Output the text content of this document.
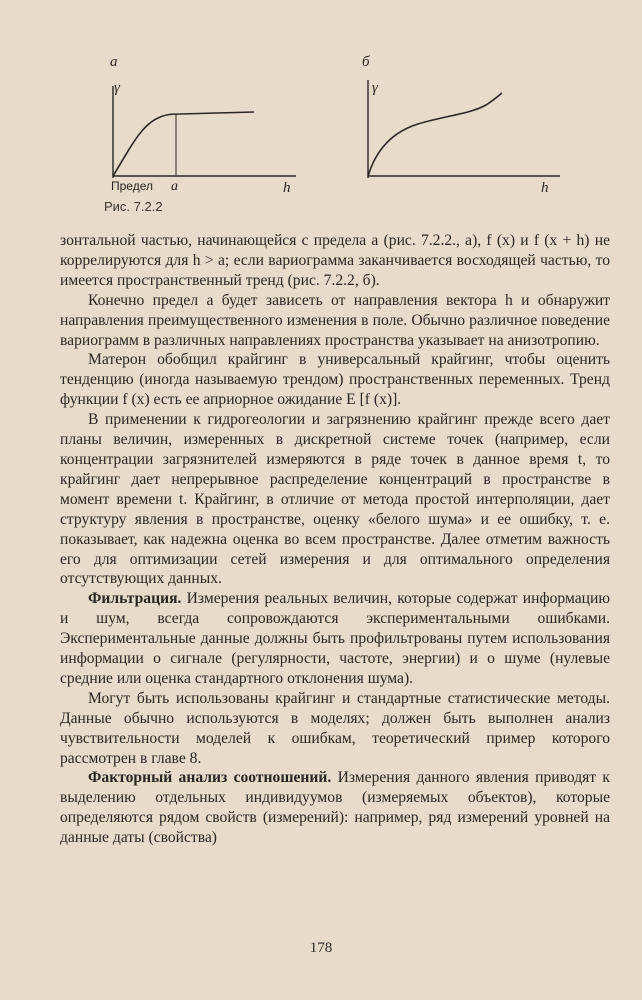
а
γ
Предел а	h
б
γ
h
Рис. 7.2.2

зонтальной частью, начинающейся с предела a (рис. 7.2.2., а), f (x) и f (x + h) не коррелируются для h > a; если вариограмма заканчивается восходящей частью, то имеется пространственный тренд (рис. 7.2.2, б).

Конечно предел a будет зависеть от направления вектора h и обнаружит направления преимущественного изменения в поле. Обычно различное поведение вариограмм в различных направлениях пространства указывает на анизотропию.

Матерон обобщил крайгинг в универсальный крайгинг, чтобы оценить тенденцию (иногда называемую трендом) пространственных переменных. Тренд функции f (x) есть ее априорное ожидание E [f (x)].

В применении к гидрогеологии и загрязнению крайгинг прежде всего дает планы величин, измеренных в дискретной системе точек (например, если концентрации загрязнителей измеряются в ряде точек в данное время t, то крайгинг дает непрерывное распределение концентраций в пространстве в момент времени t. Крайгинг, в отличие от метода простой интерполяции, дает структуру явления в пространстве, оценку «белого шума» и ее ошибку, т. е. показывает, как надежна оценка во всем пространстве. Далее отметим важность его для оптимизации сетей измерения и для оптимального определения отсутствующих данных.

Фильтрация. Измерения реальных величин, которые содержат информацию и шум, всегда сопровождаются экспериментальными ошибками. Экспериментальные данные должны быть профильтрованы путем использования информации о сигнале (регулярности, частоте, энергии) и о шуме (нулевые средние или оценка стандартного отклонения шума).

Могут быть использованы крайгинг и стандартные статистические методы. Данные обычно используются в моделях; должен быть выполнен анализ чувствительности моделей к ошибкам, теоретический пример которого рассмотрен в главе 8.

Факторный анализ соотношений. Измерения данного явления приводят к выделению отдельных индивидуумов (измеряемых объектов), которые определяются рядом свойств (измерений): например, ряд измерений уровней на данные даты (свойства)

178
